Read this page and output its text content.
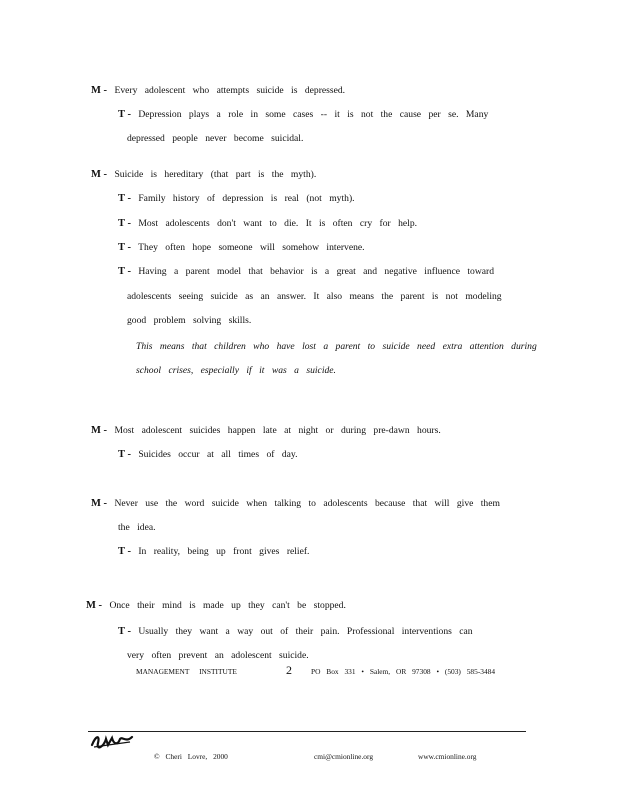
M - Every adolescent who attempts suicide is depressed.
T - Depression plays a role in some cases -- it is not the cause per se. Many
depressed people never become suicidal.
M - Suicide is hereditary (that part is the myth).
T - Family history of depression is real (not myth).
T - Most adolescents don't want to die. It is often cry for help.
T - They often hope someone will somehow intervene.
T - Having a parent model that behavior is a great and negative influence toward
adolescents seeing suicide as an answer. It also means the parent is not modeling
good problem solving skills.
This means that children who have lost a parent to suicide need extra attention during
school crises, especially if it was a suicide.
M - Most adolescent suicides happen late at night or during pre-dawn hours.
T - Suicides occur at all times of day.
M - Never use the word suicide when talking to adolescents because that will give them
the idea.
T - In reality, being up front gives relief.
M - Once their mind is made up they can't be stopped.
T - Usually they want a way out of their pain. Professional interventions can
very often prevent an adolescent suicide.
MANAGEMENT INSTITUTE	2	PO Box 331 • Salem, OR 97308 • (503) 585-3484
© Cheri Lovre, 2000	cmi@cmionline.org	www.cmionline.org
